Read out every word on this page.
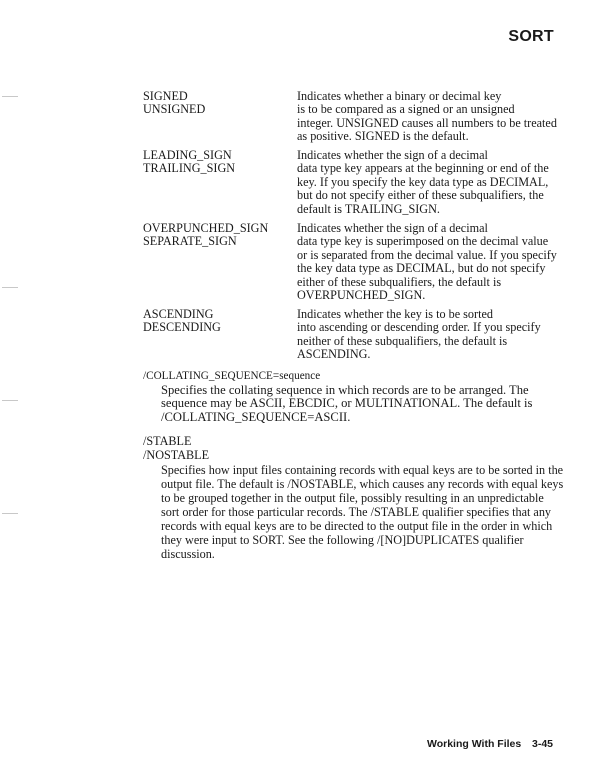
SORT
SIGNED
UNSIGNED
Indicates whether a binary or decimal key
is to be compared as a signed or an unsigned
integer. UNSIGNED causes all numbers to be treated
as positive. SIGNED is the default.
LEADING_SIGN
TRAILING_SIGN
Indicates whether the sign of a decimal
data type key appears at the beginning or end of the
key. If you specify the key data type as DECIMAL,
but do not specify either of these subqualifiers, the
default is TRAILING_SIGN.
OVERPUNCHED_SIGN
SEPARATE_SIGN
Indicates whether the sign of a decimal
data type key is superimposed on the decimal value
or is separated from the decimal value. If you specify
the key data type as DECIMAL, but do not specify
either of these subqualifiers, the default is
OVERPUNCHED_SIGN.
ASCENDING
DESCENDING
Indicates whether the key is to be sorted
into ascending or descending order. If you specify
neither of these subqualifiers, the default is
ASCENDING.
/COLLATING_SEQUENCE=sequence
Specifies the collating sequence in which records are to be arranged. The
sequence may be ASCII, EBCDIC, or MULTINATIONAL. The default is
/COLLATING_SEQUENCE=ASCII.
/STABLE
/NOSTABLE
Specifies how input files containing records with equal keys are to be sorted in the
output file. The default is /NOSTABLE, which causes any records with equal keys
to be grouped together in the output file, possibly resulting in an unpredictable
sort order for those particular records. The /STABLE qualifier specifies that any
records with equal keys are to be directed to the output file in the order in which
they were input to SORT. See the following /[NO]DUPLICATES qualifier
discussion.
Working With Files 3-45
